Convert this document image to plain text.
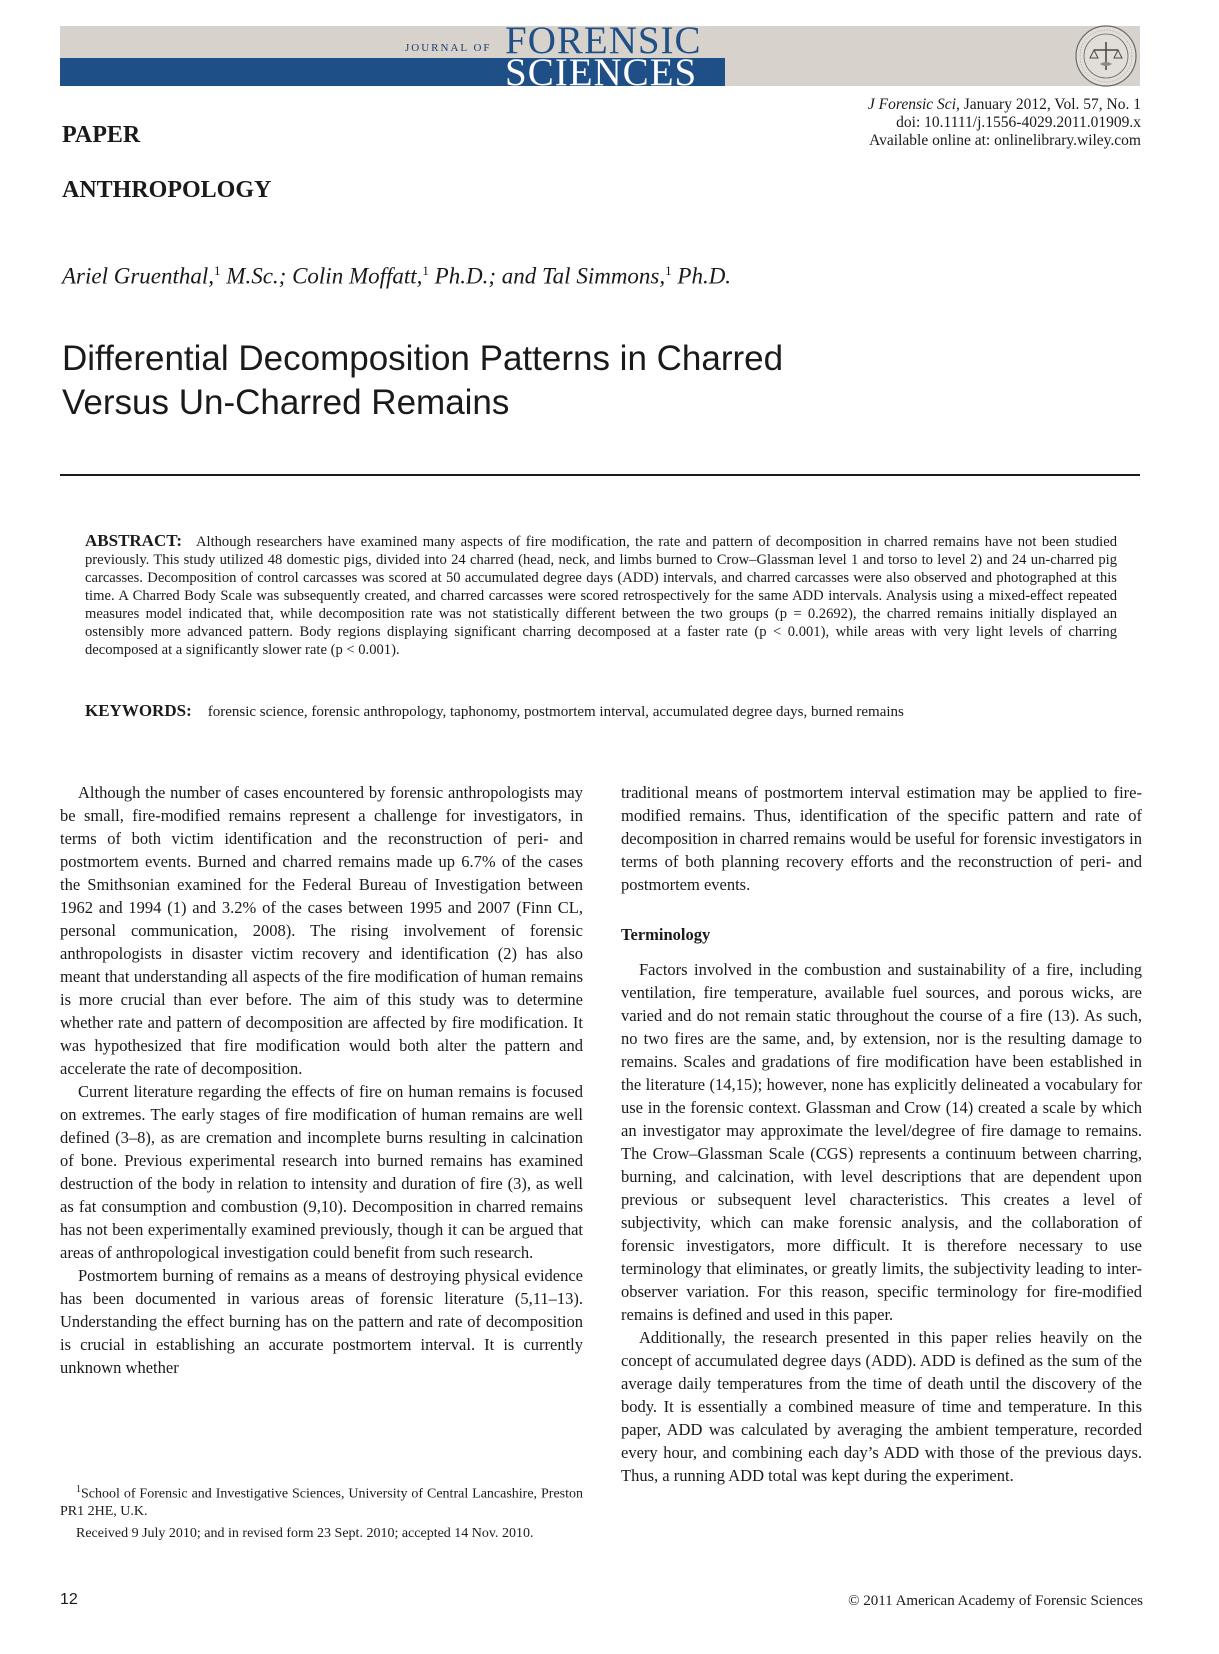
JOURNAL OF FORENSIC
SCIENCES
J Forensic Sci, January 2012, Vol. 57, No. 1
doi: 10.1111/j.1556-4029.2011.01909.x
Available online at: onlinelibrary.wiley.com
PAPER
ANTHROPOLOGY
Ariel Gruenthal,$^1$ M.Sc.; Colin Moffatt,$^1$ Ph.D.; and Tal Simmons,$^1$ Ph.D.
Differential Decomposition Patterns in Charred
Versus Un-Charred Remains
ABSTRACT: Although researchers have examined many aspects of fire modification, the rate and pattern of decomposition in charred remains have not been studied previously. This study utilized 48 domestic pigs, divided into 24 charred (head, neck, and limbs burned to Crow–Glassman level 1 and torso to level 2) and 24 un-charred pig carcasses. Decomposition of control carcasses was scored at 50 accumulated degree days (ADD) intervals, and charred carcasses were also observed and photographed at this time. A Charred Body Scale was subsequently created, and charred carcasses were scored retrospectively for the same ADD intervals. Analysis using a mixed-effect repeated measures model indicated that, while decomposition rate was not statistically different between the two groups (p = 0.2692), the charred remains initially displayed an ostensibly more advanced pattern. Body regions displaying significant charring decomposed at a faster rate (p < 0.001), while areas with very light levels of charring decomposed at a significantly slower rate (p < 0.001).
KEYWORDS: forensic science, forensic anthropology, taphonomy, postmortem interval, accumulated degree days, burned remains

Although the number of cases encountered by forensic anthropologists may be small, fire-modified remains represent a challenge for investigators, in terms of both victim identification and the reconstruction of peri- and postmortem events. Burned and charred remains made up 6.7% of the cases the Smithsonian examined for the Federal Bureau of Investigation between 1962 and 1994 (1) and 3.2% of the cases between 1995 and 2007 (Finn CL, personal communication, 2008). The rising involvement of forensic anthropologists in disaster victim recovery and identification (2) has also meant that understanding all aspects of the fire modification of human remains is more crucial than ever before. The aim of this study was to determine whether rate and pattern of decomposition are affected by fire modification. It was hypothesized that fire modification would both alter the pattern and accelerate the rate of decomposition.

Current literature regarding the effects of fire on human remains is focused on extremes. The early stages of fire modification of human remains are well defined (3–8), as are cremation and incomplete burns resulting in calcination of bone. Previous experimental research into burned remains has examined destruction of the body in relation to intensity and duration of fire (3), as well as fat consumption and combustion (9,10). Decomposition in charred remains has not been experimentally examined previously, though it can be argued that areas of anthropological investigation could benefit from such research.

Postmortem burning of remains as a means of destroying physical evidence has been documented in various areas of forensic literature (5,11–13). Understanding the effect burning has on the pattern and rate of decomposition is crucial in establishing an accurate postmortem interval. It is currently unknown whether

traditional means of postmortem interval estimation may be applied to fire-modified remains. Thus, identification of the specific pattern and rate of decomposition in charred remains would be useful for forensic investigators in terms of both planning recovery efforts and the reconstruction of peri- and postmortem events.

Terminology

Factors involved in the combustion and sustainability of a fire, including ventilation, fire temperature, available fuel sources, and porous wicks, are varied and do not remain static throughout the course of a fire (13). As such, no two fires are the same, and, by extension, nor is the resulting damage to remains. Scales and gradations of fire modification have been established in the literature (14,15); however, none has explicitly delineated a vocabulary for use in the forensic context. Glassman and Crow (14) created a scale by which an investigator may approximate the level/degree of fire damage to remains. The Crow–Glassman Scale (CGS) represents a continuum between charring, burning, and calcination, with level descriptions that are dependent upon previous or subsequent level characteristics. This creates a level of subjectivity, which can make forensic analysis, and the collaboration of forensic investigators, more difficult. It is therefore necessary to use terminology that eliminates, or greatly limits, the subjectivity leading to inter-observer variation. For this reason, specific terminology for fire-modified remains is defined and used in this paper.

Additionally, the research presented in this paper relies heavily on the concept of accumulated degree days (ADD). ADD is defined as the sum of the average daily temperatures from the time of death until the discovery of the body. It is essentially a combined measure of time and temperature. In this paper, ADD was calculated by averaging the ambient temperature, recorded every hour, and combining each day’s ADD with those of the previous days. Thus, a running ADD total was kept during the experiment.

$^1$School of Forensic and Investigative Sciences, University of Central Lancashire, Preston PR1 2HE, U.K.

Received 9 July 2010; and in revised form 23 Sept. 2010; accepted 14 Nov. 2010.

12	© 2011 American Academy of Forensic Sciences
